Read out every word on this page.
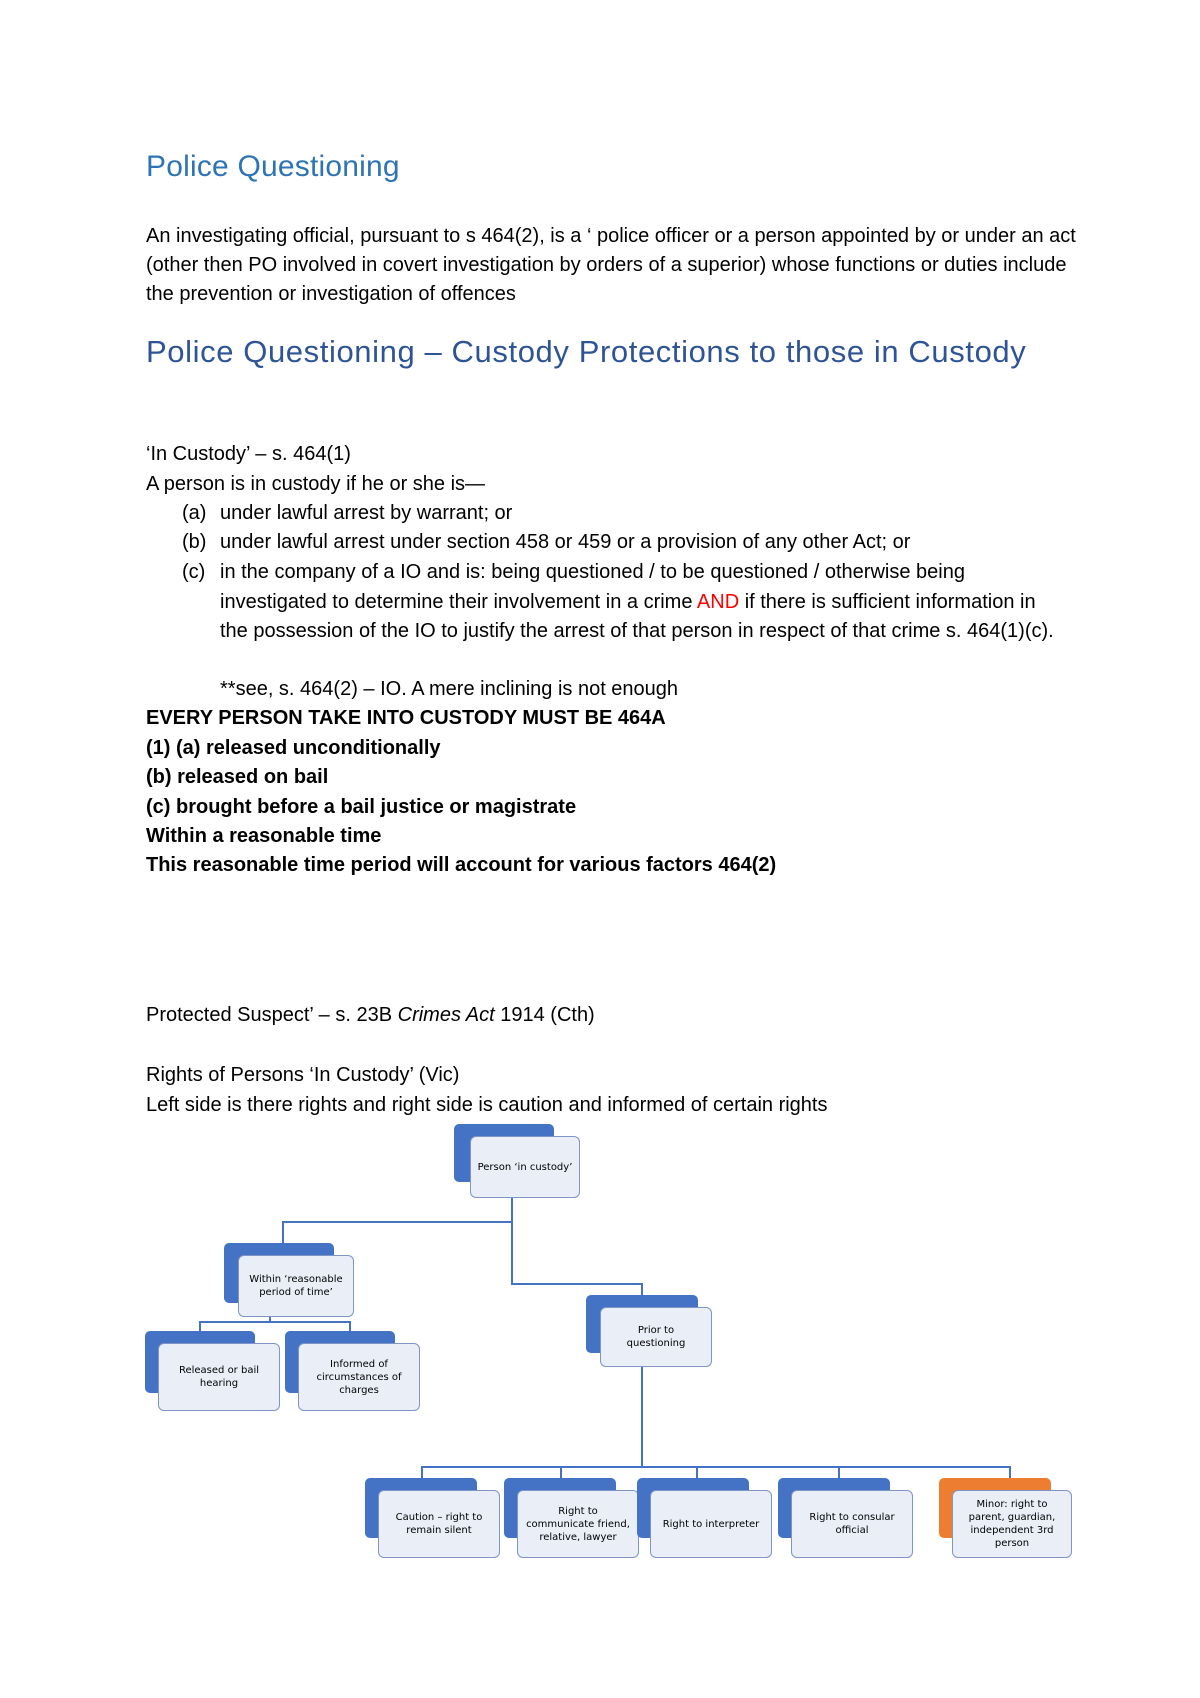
Police Questioning

An investigating official, pursuant to s 464(2), is a ‘ police officer or a person appointed by or under an act (other then PO involved in covert investigation by orders of a superior) whose functions or duties include the prevention or investigation of offences

Police Questioning – Custody Protections to those in Custody
‘In Custody’ – s. 464(1)
A person is in custody if he or she is—
(a) under lawful arrest by warrant; or
(b) under lawful arrest under section 458 or 459 or a provision of any other Act; or
(c) in the company of a IO and is: being questioned / to be questioned / otherwise being investigated to determine their involvement in a crime AND if there is sufficient information in the possession of the IO to justify the arrest of that person in respect of that crime s. 464(1)(c).
**see, s. 464(2) – IO. A mere inclining is not enough
EVERY PERSON TAKE INTO CUSTODY MUST BE 464A
(1) (a) released unconditionally
(b) released on bail
(c) brought before a bail justice or magistrate
Within a reasonable time
This reasonable time period will account for various factors 464(2)
Protected Suspect’ – s. 23B Crimes Act 1914 (Cth)
Rights of Persons ‘In Custody’ (Vic)
Left side is there rights and right side is caution and informed of certain rights
Person ‘in custody’
Within ‘reasonable period of time’
Released or bail hearing
Informed of circumstances of charges
Prior to questioning
Caution – right to remain silent
Right to communicate friend, relative, lawyer
Right to interpreter
Right to consular official
Minor: right to parent, guardian, independent 3rd person
